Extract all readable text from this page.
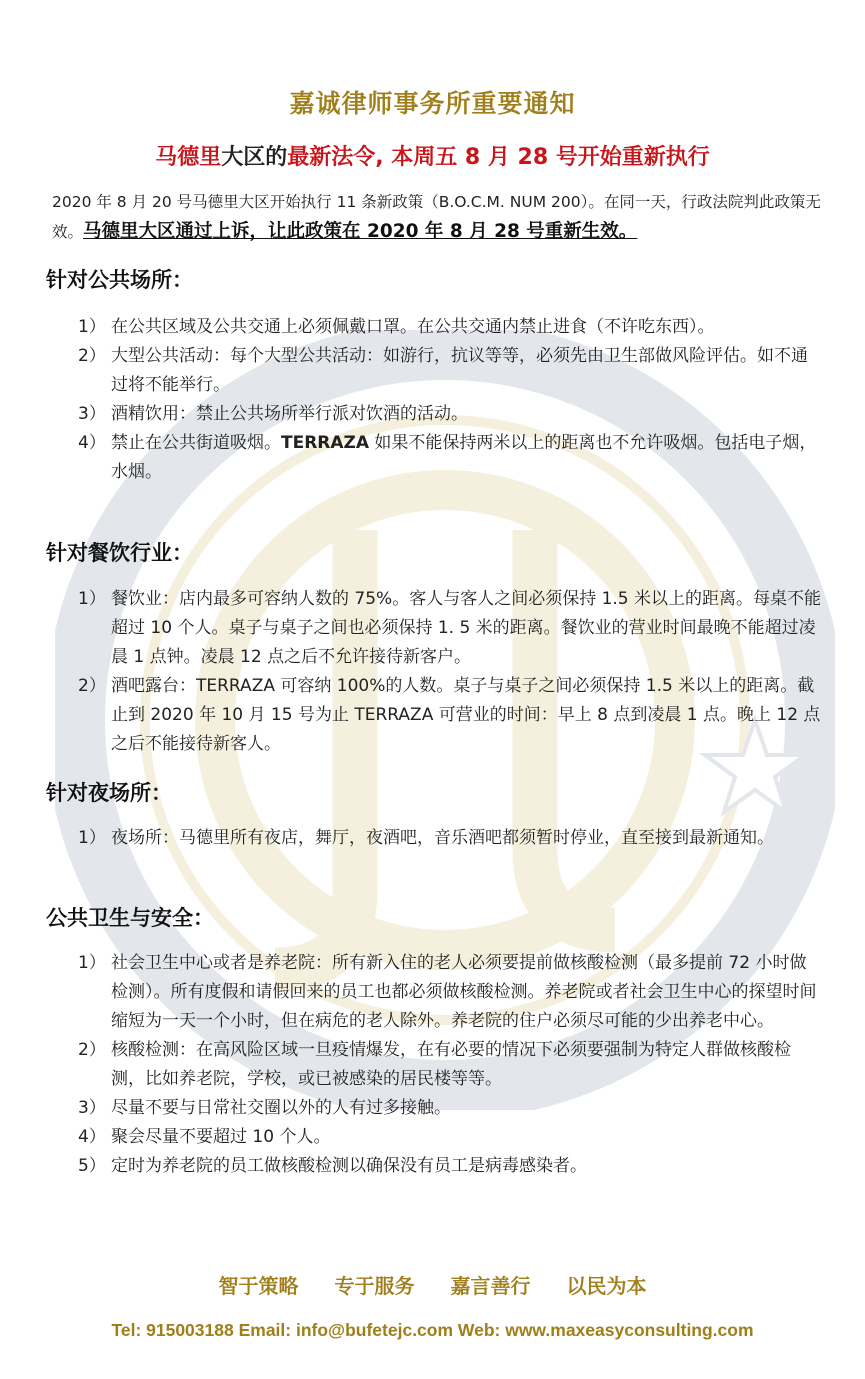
嘉诚律师事务所重要通知
马德里大区的最新法令, 本周五 8 月 28 号开始重新执行
2020 年 8 月 20 号马德里大区开始执行 11 条新政策（B.O.C.M. NUM 200）。在同一天，行政法院判此政策无效。马德里大区通过上诉，让此政策在 2020 年 8 月 28 号重新生效。
针对公共场所：
1） 在公共区域及公共交通上必须佩戴口罩。在公共交通内禁止进食（不许吃东西）。
2） 大型公共活动：每个大型公共活动：如游行，抗议等等，必须先由卫生部做风险评估。如不通过将不能举行。
3） 酒精饮用：禁止公共场所举行派对饮酒的活动。
4） 禁止在公共街道吸烟。TERRAZA 如果不能保持两米以上的距离也不允许吸烟。包括电子烟，水烟。
针对餐饮行业：
1） 餐饮业：店内最多可容纳人数的 75%。客人与客人之间必须保持 1.5 米以上的距离。每桌不能超过 10 个人。桌子与桌子之间也必须保持 1. 5 米的距离。餐饮业的营业时间最晚不能超过凌晨 1 点钟。凌晨 12 点之后不允许接待新客户。
2） 酒吧露台：TERRAZA 可容纳 100%的人数。桌子与桌子之间必须保持 1.5 米以上的距离。截止到 2020 年 10 月 15 号为止 TERRAZA 可营业的时间：早上 8 点到凌晨 1 点。晚上 12 点之后不能接待新客人。
针对夜场所：
1） 夜场所：马德里所有夜店，舞厅，夜酒吧，音乐酒吧都须暂时停业，直至接到最新通知。
公共卫生与安全：
1） 社会卫生中心或者是养老院：所有新入住的老人必须要提前做核酸检测（最多提前 72 小时做检测）。所有度假和请假回来的员工也都必须做核酸检测。养老院或者社会卫生中心的探望时间缩短为一天一个小时，但在病危的老人除外。养老院的住户必须尽可能的少出养老中心。
2） 核酸检测：在高风险区域一旦疫情爆发，在有必要的情况下必须要强制为特定人群做核酸检测，比如养老院，学校，或已被感染的居民楼等等。
3） 尽量不要与日常社交圈以外的人有过多接触。
4） 聚会尽量不要超过 10 个人。
5） 定时为养老院的员工做核酸检测以确保没有员工是病毒感染者。
智于策略 专于服务 嘉言善行 以民为本
Tel: 915003188 Email: info@bufetejc.com Web: www.maxeasyconsulting.com
